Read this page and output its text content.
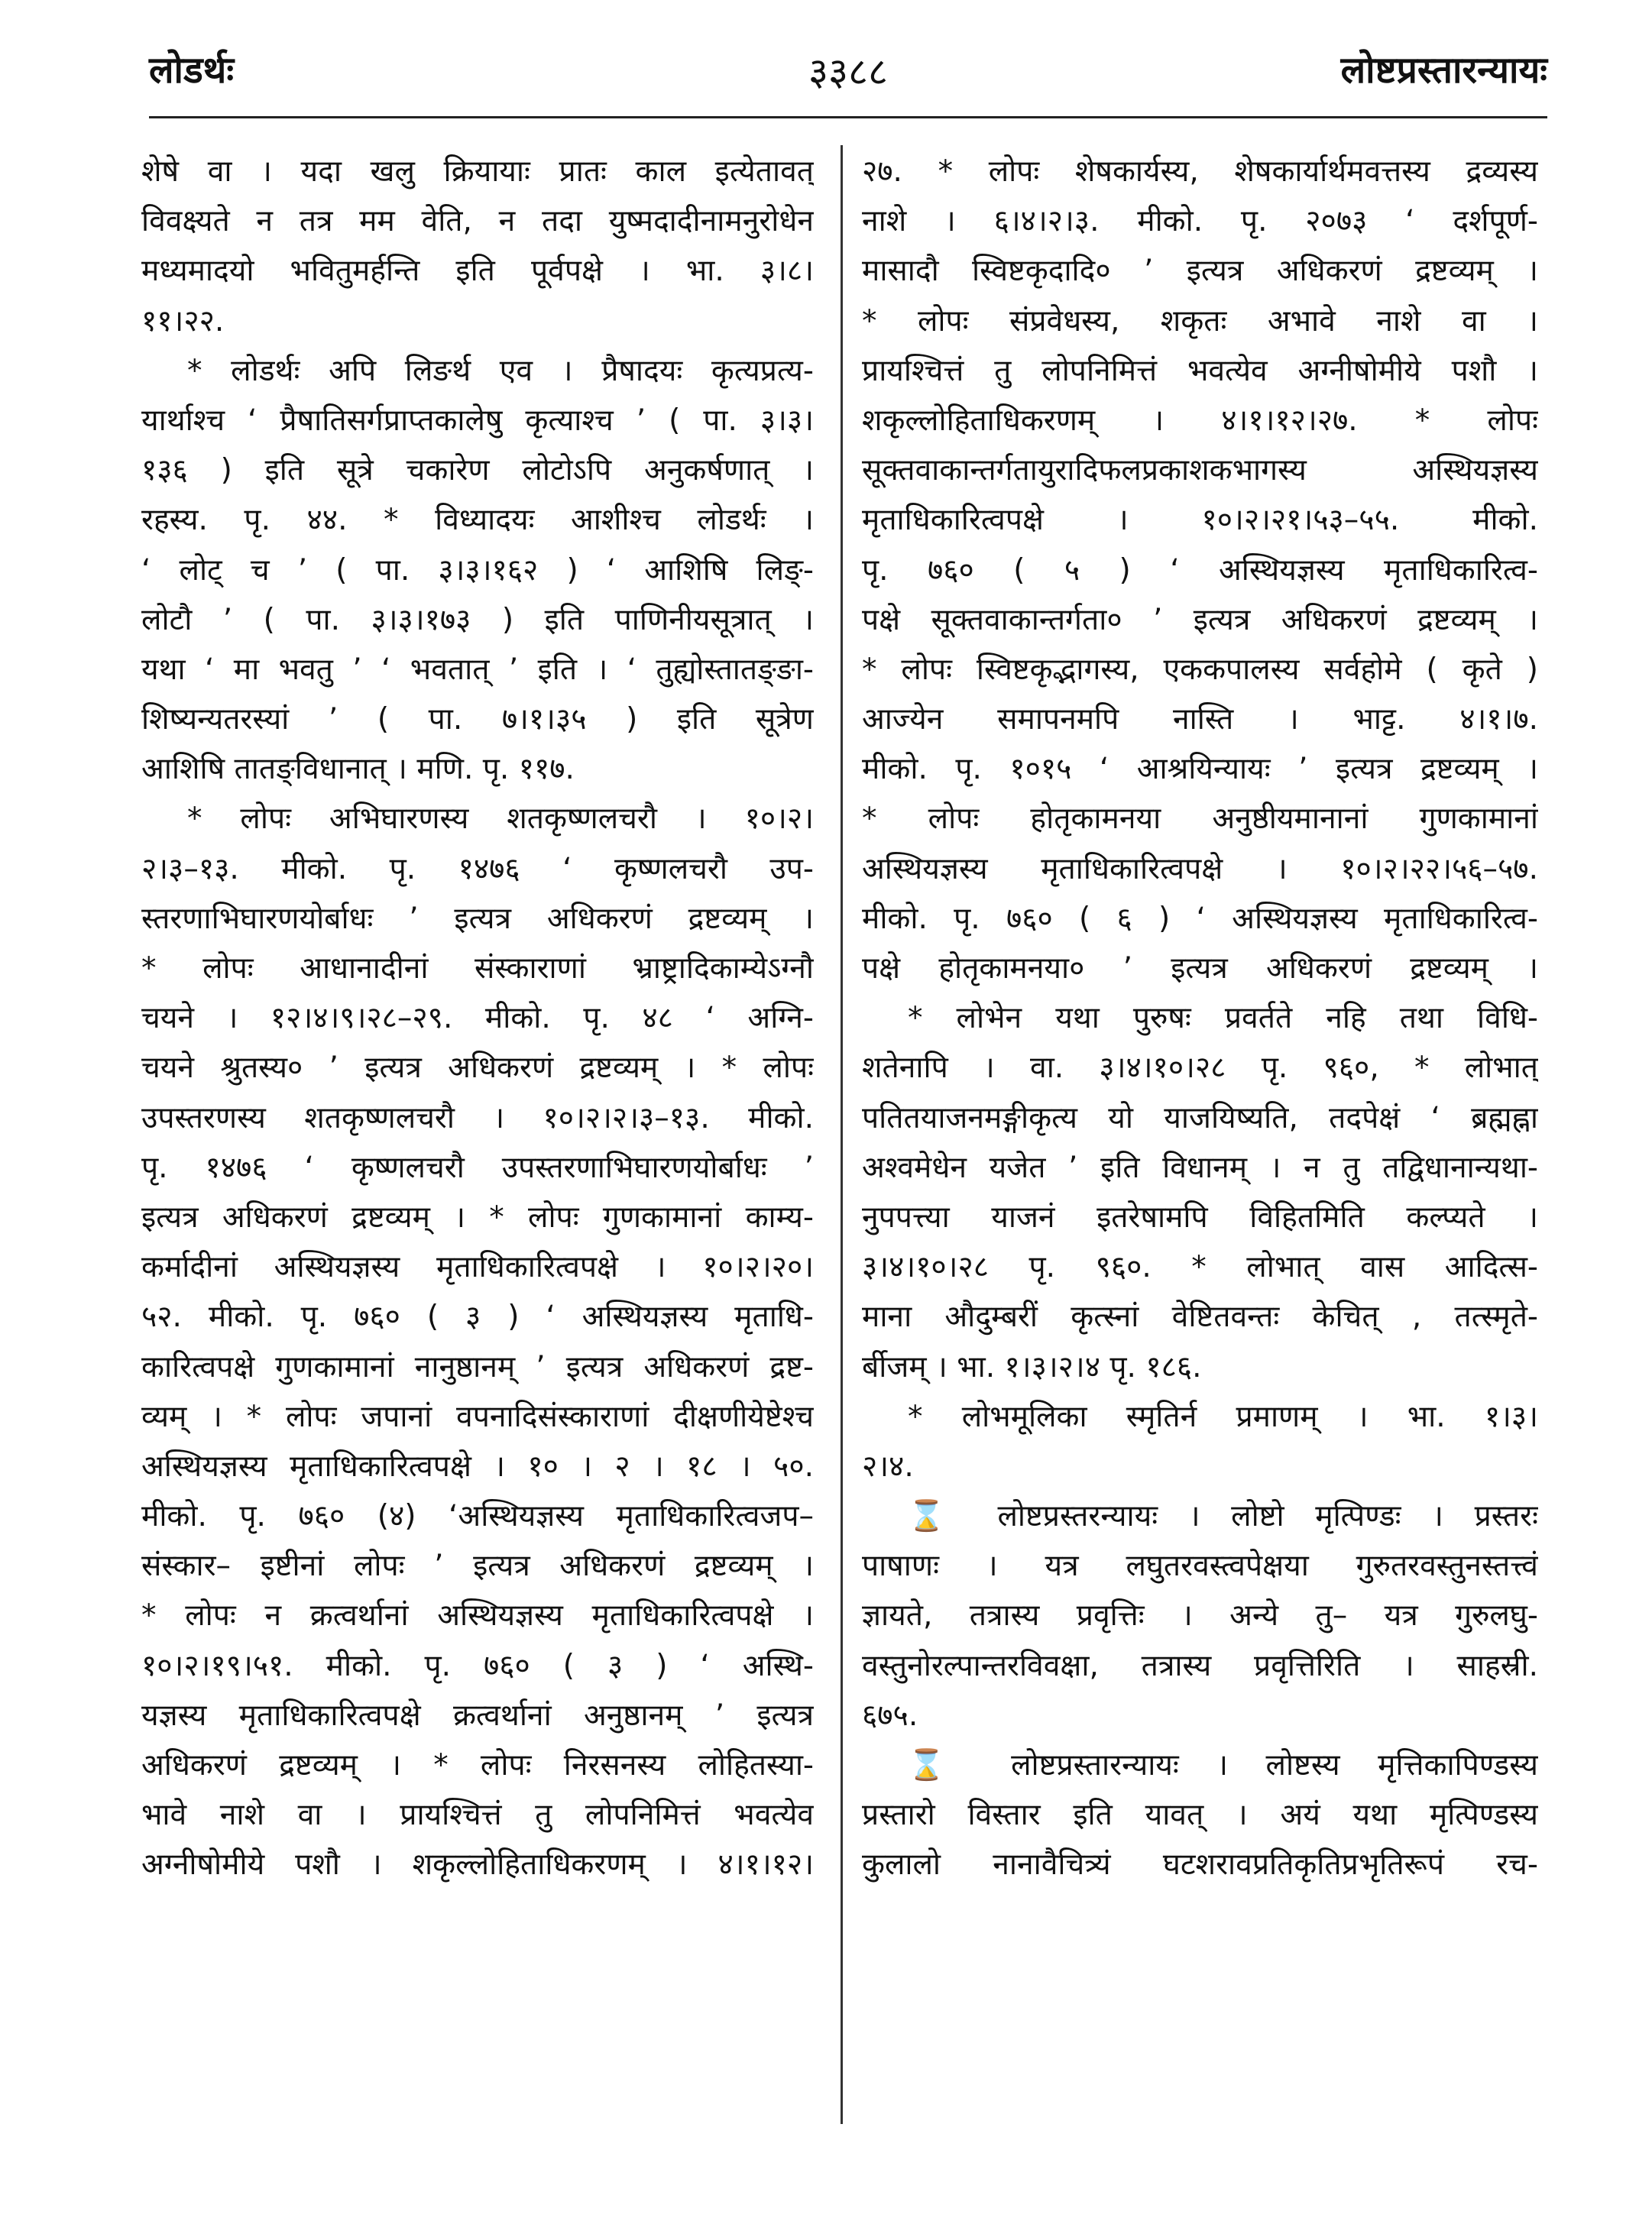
लोडर्थः	३३८८	लोष्टप्रस्तारन्यायः
शेषे वा । यदा खलु क्रियायाः प्रातः काल इत्येतावत्
विवक्ष्यते न तत्र मम वेति, न तदा युष्मदादीनामनुरोधेन
मध्यमादयो भवितुमर्हन्ति इति पूर्वपक्षे । भा. ३।८।
११।२२.
* लोडर्थः अपि लिङर्थ एव । प्रैषादयः कृत्यप्रत्य-
यार्थाश्च ‘ प्रैषातिसर्गप्राप्तकालेषु कृत्याश्च ’ ( पा. ३।३।
१३६ ) इति सूत्रे चकारेण लोटोऽपि अनुकर्षणात् ।
रहस्य. पृ. ४४. * विध्यादयः आशीश्च लोडर्थः ।
‘ लोट् च ’ ( पा. ३।३।१६२ ) ‘ आशिषि लिङ्-
लोटौ ’ ( पा. ३।३।१७३ ) इति पाणिनीयसूत्रात् ।
यथा ‘ मा भवतु ’ ‘ भवतात् ’ इति । ‘ तुह्योस्तातङ्ङा-
शिष्यन्यतरस्यां ’ ( पा. ७।१।३५ ) इति सूत्रेण
आशिषि तातङ्विधानात् । मणि. पृ. ११७.
* लोपः अभिघारणस्य शतकृष्णलचरौ । १०।२।
२।३–१३. मीको. पृ. १४७६ ‘ कृष्णलचरौ उप-
स्तरणाभिघारणयोर्बाधः ’ इत्यत्र अधिकरणं द्रष्टव्यम् ।
* लोपः आधानादीनां संस्काराणां भ्राष्ट्रादिकाम्येऽग्नौ
चयने । १२।४।९।२८–२९. मीको. पृ. ४८ ‘ अग्नि-
चयने श्रुतस्य० ’ इत्यत्र अधिकरणं द्रष्टव्यम् । * लोपः
उपस्तरणस्य शतकृष्णलचरौ । १०।२।२।३–१३. मीको.
पृ. १४७६ ‘ कृष्णलचरौ उपस्तरणाभिघारणयोर्बाधः ’
इत्यत्र अधिकरणं द्रष्टव्यम् । * लोपः गुणकामानां काम्य-
कर्मादीनां अस्थियज्ञस्य मृताधिकारित्वपक्षे । १०।२।२०।
५२. मीको. पृ. ७६० ( ३ ) ‘ अस्थियज्ञस्य मृताधि-
कारित्वपक्षे गुणकामानां नानुष्ठानम् ’ इत्यत्र अधिकरणं द्रष्ट-
व्यम् । * लोपः जपानां वपनादिसंस्काराणां दीक्षणीयेष्टेश्च
अस्थियज्ञस्य मृताधिकारित्वपक्षे । १० । २ । १८ । ५०.
मीको. पृ. ७६० (४) ‘अस्थियज्ञस्य मृताधिकारित्वजप–
संस्कार– इष्टीनां लोपः ’ इत्यत्र अधिकरणं द्रष्टव्यम् ।
* लोपः न क्रत्वर्थानां अस्थियज्ञस्य मृताधिकारित्वपक्षे ।
१०।२।१९।५१. मीको. पृ. ७६० ( ३ ) ‘ अस्थि-
यज्ञस्य मृताधिकारित्वपक्षे क्रत्वर्थानां अनुष्ठानम् ’ इत्यत्र
अधिकरणं द्रष्टव्यम् । * लोपः निरसनस्य लोहितस्या-
भावे नाशे वा । प्रायश्चित्तं तु लोपनिमित्तं भवत्येव
अग्नीषोमीये पशौ । शकृल्लोहिताधिकरणम् । ४।१।१२।
२७. * लोपः शेषकार्यस्य, शेषकार्यार्थमवत्तस्य द्रव्यस्य
नाशे । ६।४।२।३. मीको. पृ. २०७३ ‘ दर्शपूर्ण-
मासादौ स्विष्टकृदादि० ’ इत्यत्र अधिकरणं द्रष्टव्यम् ।
* लोपः संप्रवेधस्य, शकृतः अभावे नाशे वा ।
प्रायश्चित्तं तु लोपनिमित्तं भवत्येव अग्नीषोमीये पशौ ।
शकृल्लोहिताधिकरणम् । ४।१।१२।२७. * लोपः
सूक्तवाकान्तर्गतायुरादिफलप्रकाशकभागस्य अस्थियज्ञस्य
मृताधिकारित्वपक्षे । १०।२।२१।५३–५५. मीको.
पृ. ७६० ( ५ ) ‘ अस्थियज्ञस्य मृताधिकारित्व-
पक्षे सूक्तवाकान्तर्गता० ’ इत्यत्र अधिकरणं द्रष्टव्यम् ।
* लोपः स्विष्टकृद्भागस्य, एककपालस्य सर्वहोमे ( कृते )
आज्येन समापनमपि नास्ति । भाट्ट. ४।१।७.
मीको. पृ. १०१५ ‘ आश्रयिन्यायः ’ इत्यत्र द्रष्टव्यम् ।
* लोपः होतृकामनया अनुष्ठीयमानानां गुणकामानां
अस्थियज्ञस्य मृताधिकारित्वपक्षे । १०।२।२२।५६–५७.
मीको. पृ. ७६० ( ६ ) ‘ अस्थियज्ञस्य मृताधिकारित्व-
पक्षे होतृकामनया० ’ इत्यत्र अधिकरणं द्रष्टव्यम् ।
* लोभेन यथा पुरुषः प्रवर्तते नहि तथा विधि-
शतेनापि । वा. ३।४।१०।२८ पृ. ९६०, * लोभात्
पतितयाजनमङ्गीकृत्य यो याजयिष्यति, तदपेक्षं ‘ ब्रह्मह्ना
अश्वमेधेन यजेत ’ इति विधानम् । न तु तद्विधानान्यथा-
नुपपत्त्या याजनं इतरेषामपि विहितमिति कल्प्यते ।
३।४।१०।२८ पृ. ९६०. * लोभात् वास आदित्स-
माना औदुम्बरीं कृत्स्नां वेष्टितवन्तः केचित् , तत्स्मृते-
र्बीजम् । भा. १।३।२।४ पृ. १८६.
* लोभमूलिका स्मृतिर्न प्रमाणम् । भा. १।३।
२।४.
⌛ लोष्टप्रस्तरन्यायः । लोष्टो मृत्पिण्डः । प्रस्तरः
पाषाणः । यत्र लघुतरवस्त्वपेक्षया गुरुतरवस्तुनस्तत्त्वं
ज्ञायते, तत्रास्य प्रवृत्तिः । अन्ये तु– यत्र गुरुलघु-
वस्तुनोरल्पान्तरविवक्षा, तत्रास्य प्रवृत्तिरिति । साहस्री.
६७५.
⌛ लोष्टप्रस्तारन्यायः । लोष्टस्य मृत्तिकापिण्डस्य
प्रस्तारो विस्तार इति यावत् । अयं यथा मृत्पिण्डस्य
कुलालो नानावैचित्र्यं घटशरावप्रतिकृतिप्रभृतिरूपं रच-
